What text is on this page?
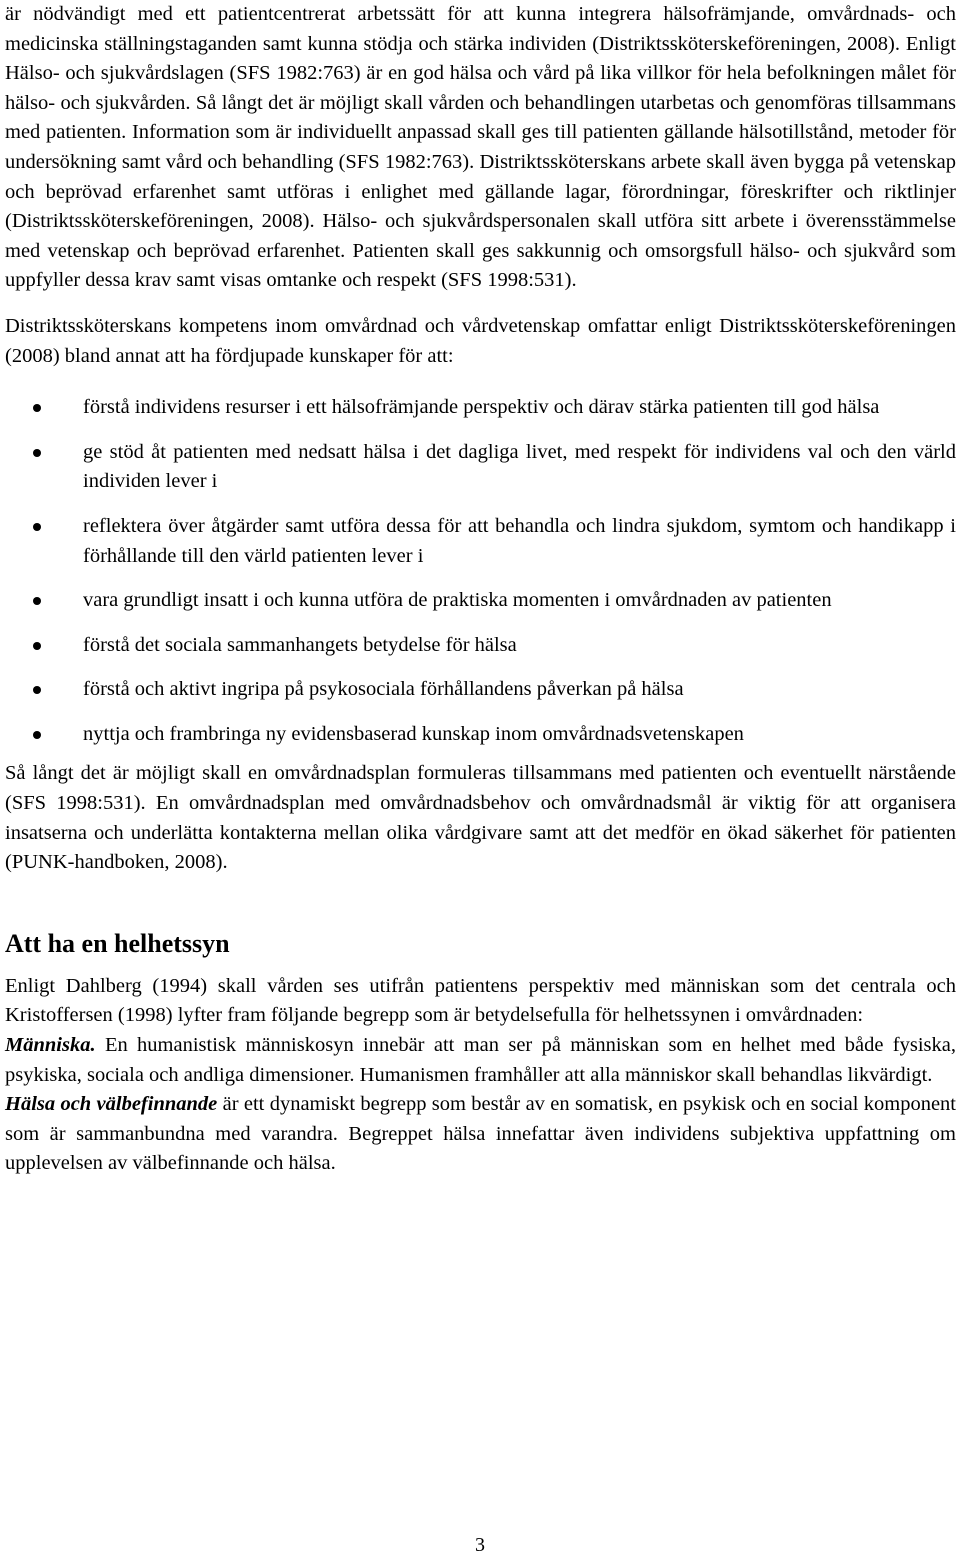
är nödvändigt med ett patientcentrerat arbetssätt för att kunna integrera hälsofrämjande, omvårdnads- och medicinska ställningstaganden samt kunna stödja och stärka individen (Distriktssköterskeföreningen, 2008). Enligt Hälso- och sjukvårdslagen (SFS 1982:763) är en god hälsa och vård på lika villkor för hela befolkningen målet för hälso- och sjukvården. Så långt det är möjligt skall vården och behandlingen utarbetas och genomföras tillsammans med patienten. Information som är individuellt anpassad skall ges till patienten gällande hälsotillstånd, metoder för undersökning samt vård och behandling (SFS 1982:763). Distriktssköterskans arbete skall även bygga på vetenskap och beprövad erfarenhet samt utföras i enlighet med gällande lagar, förordningar, föreskrifter och riktlinjer (Distriktssköterskeföreningen, 2008). Hälso- och sjukvårdspersonalen skall utföra sitt arbete i överensstämmelse med vetenskap och beprövad erfarenhet. Patienten skall ges sakkunnig och omsorgsfull hälso- och sjukvård som uppfyller dessa krav samt visas omtanke och respekt (SFS 1998:531).

Distriktssköterskans kompetens inom omvårdnad och vårdvetenskap omfattar enligt Distriktssköterskeföreningen (2008) bland annat att ha fördjupade kunskaper för att:

förstå individens resurser i ett hälsofrämjande perspektiv och därav stärka patienten till god hälsa
ge stöd åt patienten med nedsatt hälsa i det dagliga livet, med respekt för individens val och den värld individen lever i
reflektera över åtgärder samt utföra dessa för att behandla och lindra sjukdom, symtom och handikapp i förhållande till den värld patienten lever i
vara grundligt insatt i och kunna utföra de praktiska momenten i omvårdnaden av patienten
förstå det sociala sammanhangets betydelse för hälsa
förstå och aktivt ingripa på psykosociala förhållandens påverkan på hälsa
nyttja och frambringa ny evidensbaserad kunskap inom omvårdnadsvetenskapen

Så långt det är möjligt skall en omvårdnadsplan formuleras tillsammans med patienten och eventuellt närstående (SFS 1998:531). En omvårdnadsplan med omvårdnadsbehov och omvårdnadsmål är viktig för att organisera insatserna och underlätta kontakterna mellan olika vårdgivare samt att det medför en ökad säkerhet för patienten (PUNK-handboken, 2008).

Att ha en helhetssyn

Enligt Dahlberg (1994) skall vården ses utifrån patientens perspektiv med människan som det centrala och Kristoffersen (1998) lyfter fram följande begrepp som är betydelsefulla för helhetssynen i omvårdnaden:
Människa. En humanistisk människosyn innebär att man ser på människan som en helhet med både fysiska, psykiska, sociala och andliga dimensioner. Humanismen framhåller att alla människor skall behandlas likvärdigt.
Hälsa och välbefinnande är ett dynamiskt begrepp som består av en somatisk, en psykisk och en social komponent som är sammanbundna med varandra. Begreppet hälsa innefattar även individens subjektiva uppfattning om upplevelsen av välbefinnande och hälsa.

3
